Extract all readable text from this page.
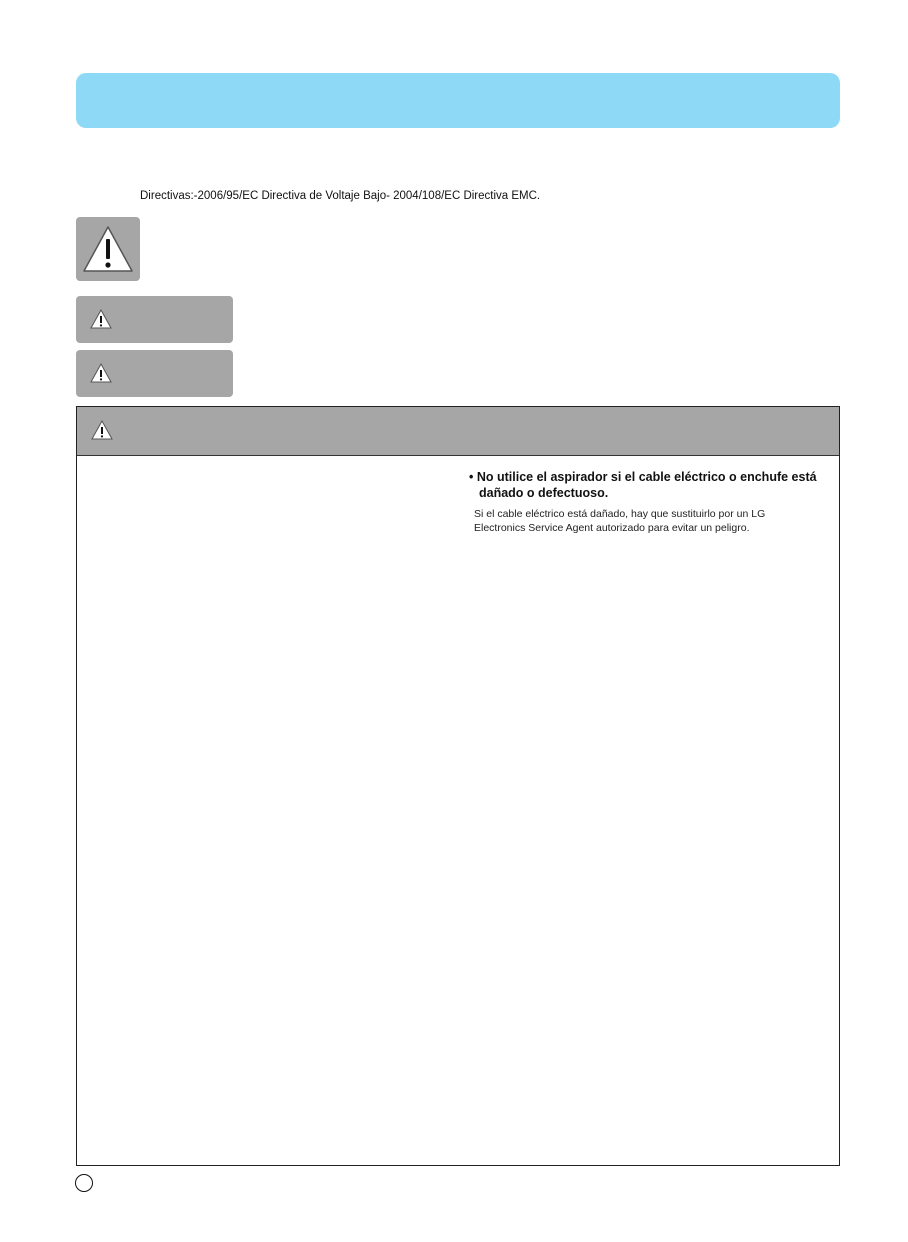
Directivas:-2006/95/EC Directiva de Voltaje Bajo- 2004/108/EC Directiva EMC.
• No utilice el aspirador si el cable eléctrico o enchufe está dañado o defectuoso.
Si el cable eléctrico está dañado, hay que sustituirlo por un LG Electronics Service Agent autorizado para evitar un peligro.
